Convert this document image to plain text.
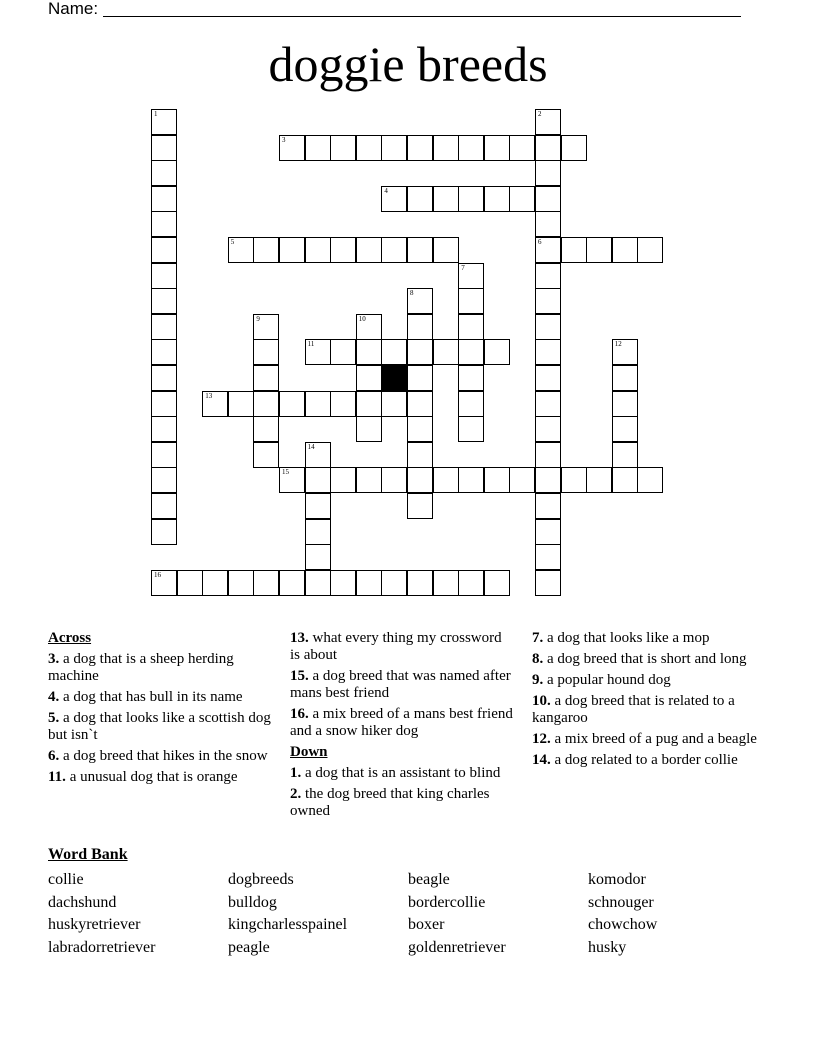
Name:
doggie breeds
1	2
6
3
4
5
7
8
9	10
11	12
13
14
15
16
Across
3. a dog that is a sheep herding machine
4. a dog that has bull in its name
5. a dog that looks like a scottish dog but isn`t
6. a dog breed that hikes in the snow
11. a unusual dog that is orange
13. what every thing my crossword is about
15. a dog breed that was named after mans best friend
16. a mix breed of a mans best friend and a snow hiker dog
Down
1. a dog that is an assistant to blind
2. the dog breed that king charles owned
7. a dog that looks like a mop
8. a dog breed that is short and long
9. a popular hound dog
10. a dog breed that is related to a kangaroo
12. a mix breed of a pug and a beagle
14. a dog related to a border collie
Word Bank
collie
dachshund
huskyretriever
labradorretriever
dogbreeds
bulldog
kingcharlesspainel
peagle
beagle
bordercollie
boxer
goldenretriever
komodor
schnouger
chowchow
husky
